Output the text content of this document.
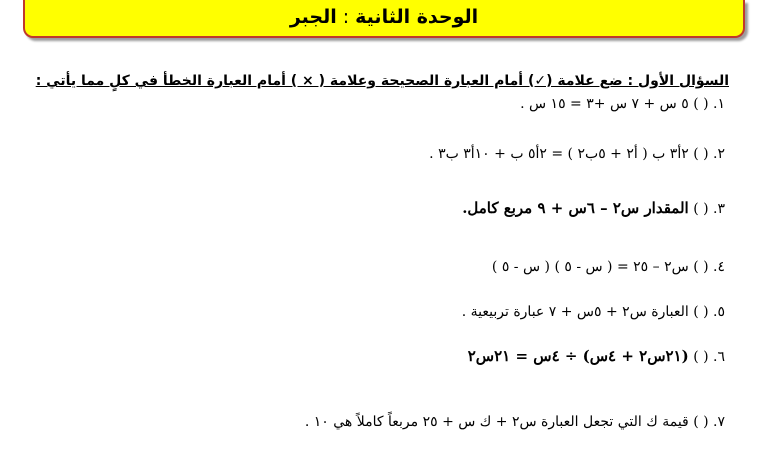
الوحدة الثانية:الجبر
السؤال الأول : ضع علامة (✓) أمام العبارة الصحيحة وعلامة ( × ) أمام العبارة الخطأ في كلٍ مما يأتي :
١. ( ) ٥ س + ٧ س +٣ = ١٥ س .
٢. ( ) ٢أ٣ ب ( أ٢ + ٥ب٢ ) = ٢أ٥ ب + ١٠أ٣ ب٣ .
٣. ( ) المقدار س٢ – ٦س + ٩ مربع كامل.
٤. ( ) س٢ – ٢٥ = ( س - ٥ ) ( س - ٥ )
٥. ( ) العبارة س٢ + ٥س + ٧ عبارة تربيعية .
٦. ( ) (٢١س٢ + ٤س) ÷ ٤س = ٢١س٢
٧. ( ) قيمة ك التي تجعل العبارة س٢ + ك س + ٢٥ مربعاً كاملاً هي ١٠ .
